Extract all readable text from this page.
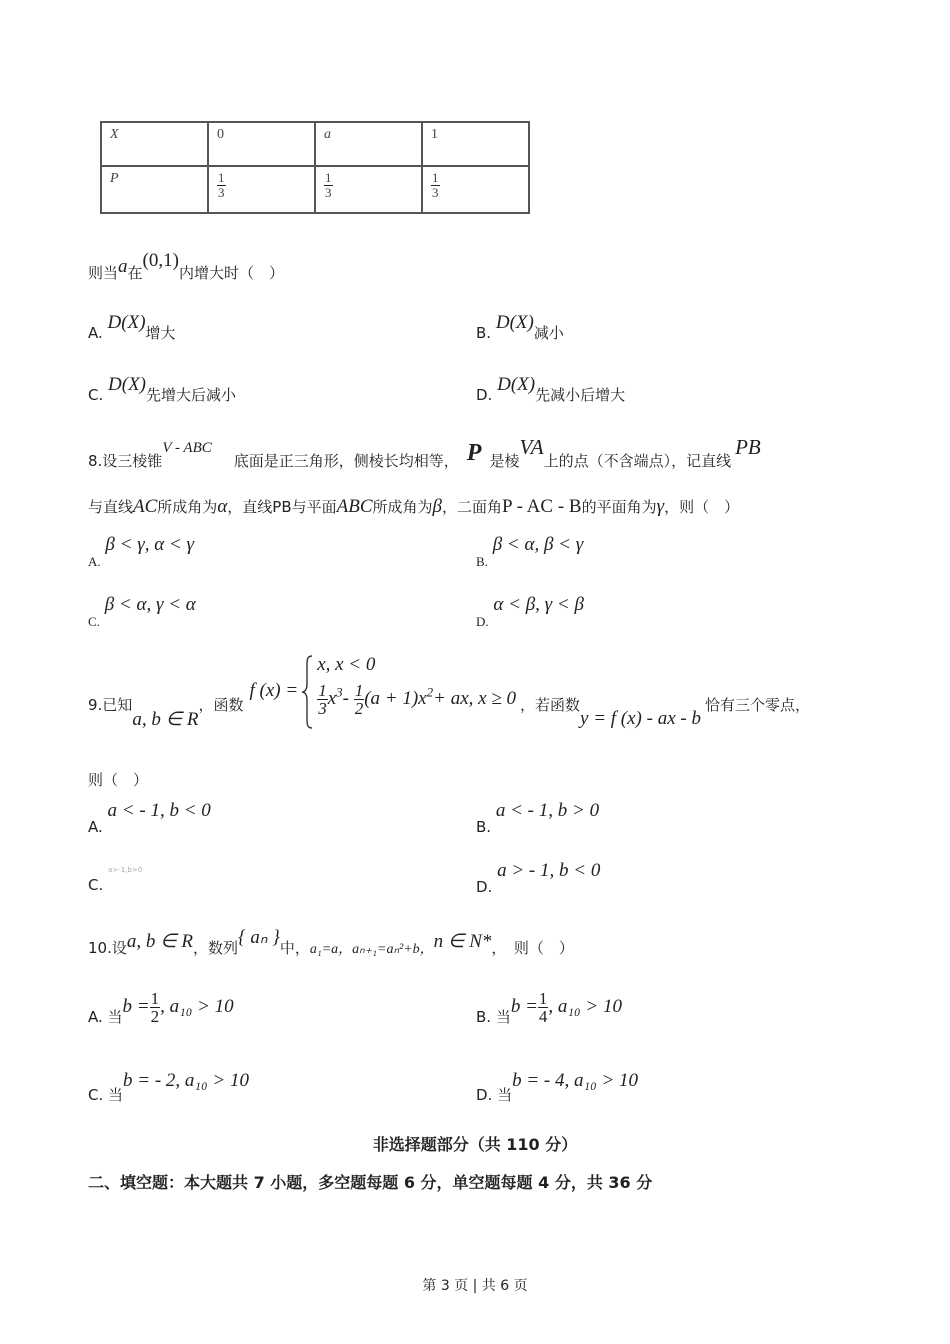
X	0	a	1
P	$\frac{1}{3}$	$\frac{1}{3}$	$\frac{1}{3}$
则当a在(0,1)内增大时（　）
A. D(X)增大	B. D(X)减小
C. D(X)先增大后减小	D. D(X)先减小后增大
8.设三棱锥V - ABC底面是正三角形，侧棱长均相等， P 是棱VA上的点（不含端点），记直线PB
与直线AC所成角为α，直线PB与平面ABC所成角为β，二面角P - AC - B的平面角为γ，则（　）
A. β < γ, α < γ
B. β < α, β < γ
C. β < α, γ < α
D. α < β, γ < β
9.已知
a, b ∈ R
，函数
f (x) =
x, x < 0
$\frac{1}{3} x^3- \frac{1}{2} (a + 1)x^2+$ ax, x ≥ 0 ，若函数
y = f (x) - ax - b
恰有三个零点，
则（　）
A. a < - 1, b < 0
B. a < - 1, b > 0
C. a>-1,b>0
D. a > - 1, b < 0
10.设a, b ∈ R，数列{ aₙ }中，a₁=a，aₙ₊₁=aₙ²+b，n ∈ N*，　则（　）
A. 当$b = \frac{1}{2}$ , a₁₀ > 10	B. 当$b = \frac{1}{4}$ , a₁₀ > 10
C. 当b = - 2, a₁₀ > 10
D. 当b = - 4, a₁₀ > 10
非选择题部分（共 110 分）
二、填空题：本大题共 7 小题，多空题每题 6 分，单空题每题 4 分，共 36 分
第 3 页 | 共 6 页
